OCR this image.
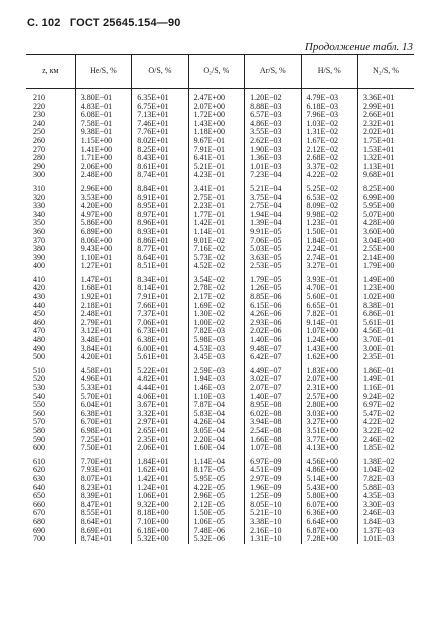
С. 102 ГОСТ 25645.154—90
Продолжение табл. 13
z, км	He/S, %	O/S, %	O₂/S, %	Ar/S, %	H/S, %	N₂/S, %
210	3.80E−01	6.35E+01	2.47E+00	1.20E−02	4.79E−03	3.36E+01
220	4.83E−01	6.75E+01	2.07E+00	8.88E−03	6.18E−03	2.99E+01
230	6.08E−01	7.13E+01	1.72E+00	6.57E−03	7.96E−03	2.66E+01
240	7.58E−01	7.46E+01	1.43E+00	4.86E−03	1.03E−02	2.32E+01
250	9.38E−01	7.76E+01	1.18E+00	3.55E−03	1.31E−02	2.02E+01
260	1.15E+00	8.02E+01	9.67E−01	2.62E−03	1.67E−02	1.75E+01
270	1.41E+00	8.25E+01	7.91E−01	1.90E−03	2.12E−02	1.53E+01
280	1.71E+00	8.43E+01	6.41E−01	1.36E−03	2.68E−02	1.32E+01
290	2.06E+00	8.61E+01	5.21E−01	1.01E−03	3.37E−02	1.13E+01
300	2.48E+00	8.74E+01	4.23E−01	7.23E−04	4.22E−02	9.68E+01
310	2.96E+00	8.84E+01	3.41E−01	5.21E−04	5.25E−02	8.25E+00
320	3.53E+00	8.91E+01	2.75E−01	3.75E−04	6.53E−02	6.99E+00
330	4.20E+00	8.95E+01	2.23E−01	2.75E−04	8.09E−02	5.95E+00
340	4.97E+00	8.97E+01	1.77E−01	1.94E−04	9.98E−02	5.07E+00
350	5.86E+00	8.96E+01	1.42E−01	1.39E−04	1.23E−01	4.28E+00
360	6.89E+00	8.93E+01	1.14E−01	9.91E−05	1.50E−01	3.60E+00
370	8.06E+00	8.86E+01	9.01E−02	7.06E−05	1.84E−01	3.04E+00
380	9.43E+00	8.77E+01	7.16E−02	5.03E−05	2.24E−01	2.55E+00
390	1.10E+01	8.64E+01	5.73E−02	3.63E−05	2.74E−01	2.14E+00
400	1.27E+01	8.51E+01	4.52E−02	2.53E−05	3.27E−01	1.79E+00
410	1.47E+01	8.34E+01	3.54E−02	1.79E−05	3.93E−01	1.49E+00
420	1.68E+01	8.14E+01	2.78E−02	1.26E−05	4.70E−01	1.23E+00
430	1.92E+01	7.91E+01	2.17E−02	8.85E−06	5.60E−01	1.02E+00
440	2.18E+01	7.66E+01	1.69E−02	6.15E−06	6.65E−01	8.38E−01
450	2.48E+01	7.37E+01	1.30E−02	4.26E−06	7.82E−01	6.86E−01
460	2.79E+01	7.06E+01	1.00E−02	2.93E−06	9.14E−01	5.61E−01
470	3.12E+01	6.73E+01	7.82E−03	2.02E−06	1.07E+00	4.56E−01
480	3.48E+01	6.38E+01	5.98E−03	1.40E−06	1.24E+00	3.70E−01
490	3.84E+01	6.00E+01	4.53E−03	9.48E−07	1.43E+00	3.00E−01
500	4.20E+01	5.61E+01	3.45E−03	6.42E−07	1.62E+00	2.35E−01
510	4.58E+01	5.22E+01	2.59E−03	4.49E−07	1.83E+00	1.86E−01
520	4.96E+01	4.82E+01	1.94E−03	3.02E−07	2.07E+00	1.49E−01
530	5.33E+01	4.44E+01	1.46E−03	2.07E−07	2.31E+00	1.16E−01
540	5.70E+01	4.06E+01	1.10E−03	1.40E−07	2.57E+00	9.24E−02
550	6.04E+01	3.67E+01	7.87E−04	8.95E−08	2.80E+00	6.97E−02
560	6.38E+01	3.32E+01	5.83E−04	6.02E−08	3.03E+00	5.47E−02
570	6.70E+01	2.97E+01	4.26E−04	3.94E−08	3.27E+00	4.22E−02
580	6.98E+01	2.65E+01	3.05E−04	2.54E−08	3.51E+00	3.22E−02
590	7.25E+01	2.35E+01	2.20E−04	1.66E−08	3.77E+00	2.46E−02
600	7.50E+01	2.06E+01	1.60E−04	1.07E−08	4.13E+00	1.85E−02
610	7.70E+01	1.84E+01	1.14E−04	6.97E−09	4.56E+00	1.38E−02
620	7.93E+01	1.62E+01	8.17E−05	4.51E−09	4.86E+00	1.04E−02
630	8.07E+01	1.42E+01	5.95E−05	2.97E−09	5.14E+00	7.82E−03
640	8.23E+01	1.24E+01	4.22E−05	1.96E−09	5.43E+00	5.88E−03
650	8.39E+01	1.06E+01	2.96E−05	1.25E−09	5.80E+00	4.35E−03
660	8.47E+01	9.32E+00	2.12E−05	8.05E−10	6.07E+00	3.30E−03
670	8.55E+01	8.18E+00	1.50E−05	5.21E−10	6.36E+00	2.46E−03
680	8.64E+01	7.10E+00	1.06E−05	3.38E−10	6.64E+00	1.84E−03
690	8.69E+01	6.18E+00	7.48E−06	2.16E−10	6.87E+00	1.37E−03
700	8.74E+01	5.32E+00	5.32E−06	1.31E−10	7.28E+00	1.01E−03
